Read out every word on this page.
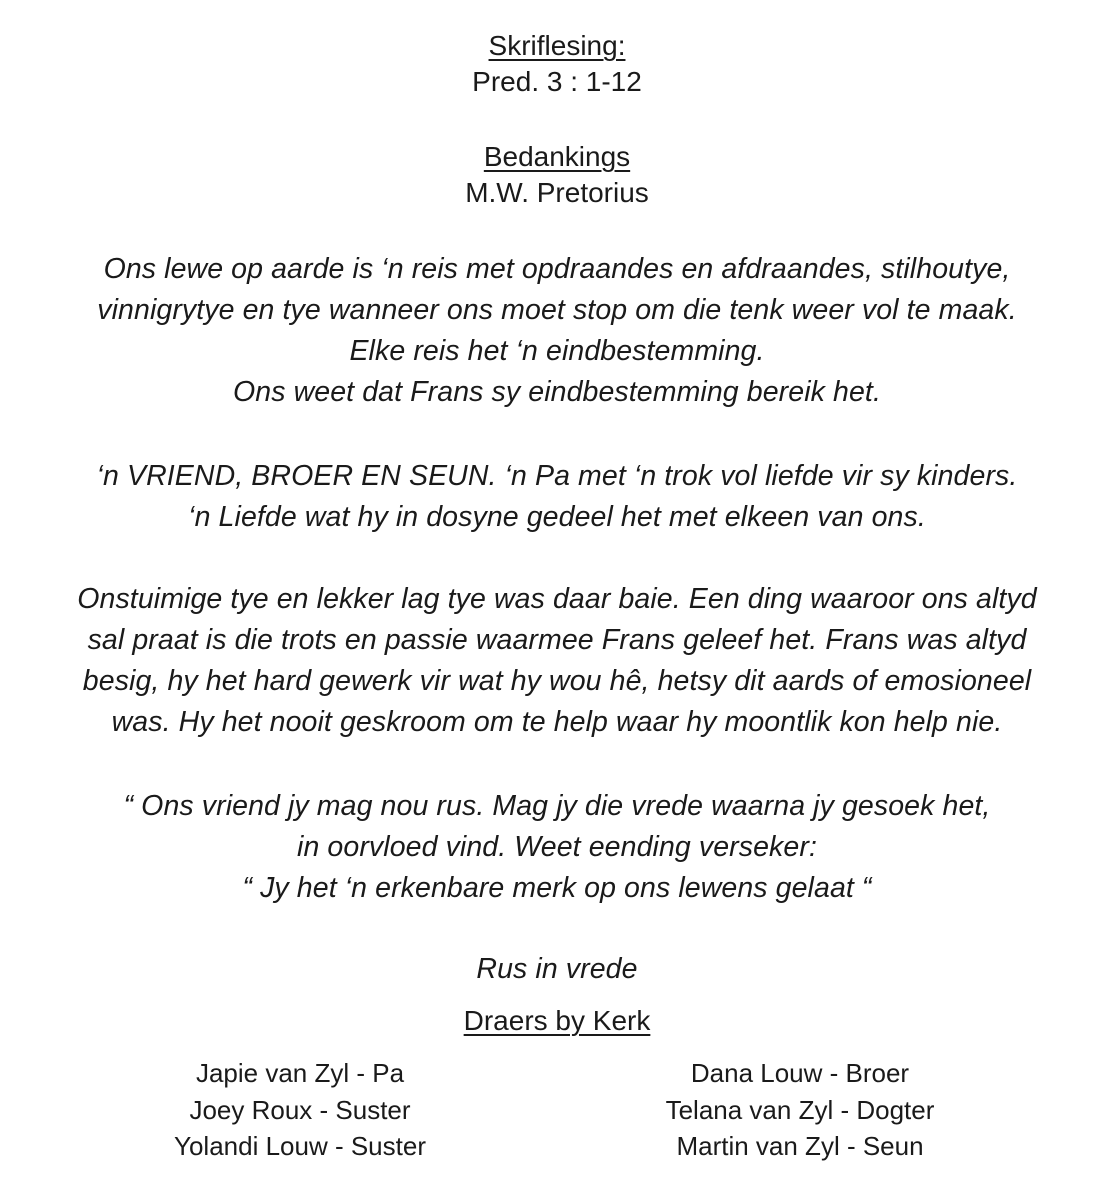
Skriflesing:
Pred. 3 : 1-12
Bedankings
M.W. Pretorius
Ons lewe op aarde is ‘n reis met opdraandes en afdraandes, stilhoutye,
vinnigrytye en tye wanneer ons moet stop om die tenk weer vol te maak.
Elke reis het ‘n eindbestemming.
Ons weet dat Frans sy eindbestemming bereik het.
‘n VRIEND, BROER EN SEUN. ‘n Pa met ‘n trok vol liefde vir sy kinders.
‘n Liefde wat hy in dosyne gedeel het met elkeen van ons.
Onstuimige tye en lekker lag tye was daar baie. Een ding waaroor ons altyd
sal praat is die trots en passie waarmee Frans geleef het. Frans was altyd
besig, hy het hard gewerk vir wat hy wou hê, hetsy dit aards of emosioneel
was. Hy het nooit geskroom om te help waar hy moontlik kon help nie.
“ Ons vriend jy mag nou rus. Mag jy die vrede waarna jy gesoek het,
in oorvloed vind. Weet eending verseker:
“ Jy het ‘n erkenbare merk op ons lewens gelaat “
Rus in vrede
Draers by Kerk
Japie van Zyl - Pa
Joey Roux - Suster
Yolandi Louw - Suster
Dana Louw - Broer
Telana van Zyl - Dogter
Martin van Zyl - Seun
